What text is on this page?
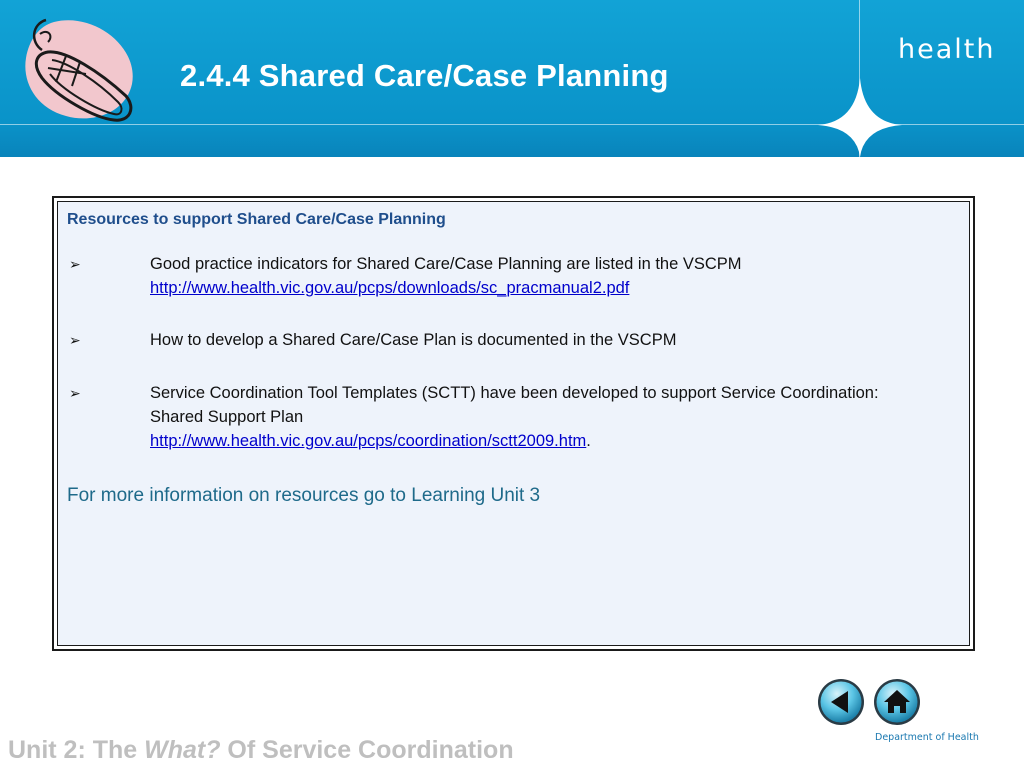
2.4.4 Shared Care/Case Planning
health
Resources to support Shared Care/Case Planning
➢	Good practice indicators for Shared Care/Case Planning are listed in the VSCPM
http://www.health.vic.gov.au/pcps/downloads/sc_pracmanual2.pdf
➢	How to develop a Shared Care/Case Plan is documented in the VSCPM
➢	Service Coordination Tool Templates (SCTT) have been developed to support Service Coordination: Shared Support Plan
http://www.health.vic.gov.au/pcps/coordination/sctt2009.htm.
For more information on resources go to Learning Unit 3
Department of Health
Unit 2: The What? Of Service Coordination
